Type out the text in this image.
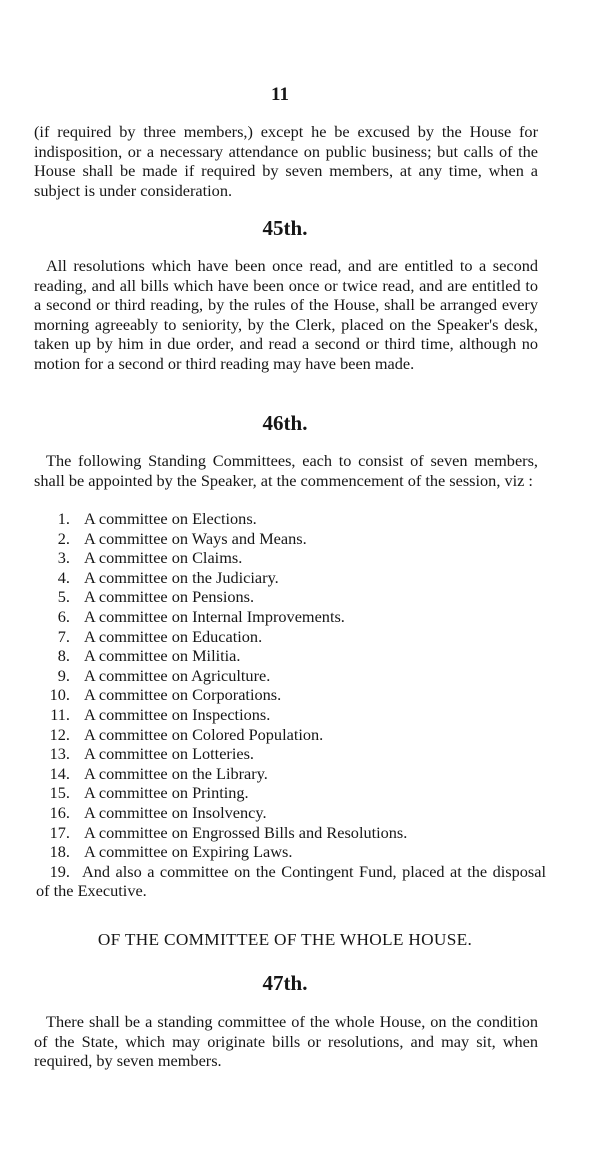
11

(if required by three members,) except he be excused by the House for indisposition, or a necessary attendance on public business; but calls of the House shall be made if required by seven members, at any time, when a subject is under consideration.

45th.

All resolutions which have been once read, and are entitled to a second reading, and all bills which have been once or twice read, and are entitled to a second or third reading, by the rules of the House, shall be arranged every morning agreeably to seniority, by the Clerk, placed on the Speaker's desk, taken up by him in due order, and read a second or third time, although no motion for a second or third reading may have been made.

46th.

The following Standing Committees, each to consist of seven members, shall be appointed by the Speaker, at the commencement of the session, viz :

1. A committee on Elections.
2. A committee on Ways and Means.
3. A committee on Claims.
4. A committee on the Judiciary.
5. A committee on Pensions.
6. A committee on Internal Improvements.
7. A committee on Education.
8. A committee on Militia.
9. A committee on Agriculture.
10. A committee on Corporations.
11. A committee on Inspections.
12. A committee on Colored Population.
13. A committee on Lotteries.
14. A committee on the Library.
15. A committee on Printing.
16. A committee on Insolvency.
17. A committee on Engrossed Bills and Resolutions.
18. A committee on Expiring Laws.
19. And also a committee on the Contingent Fund, placed at the disposal of the Executive.
OF THE COMMITTEE OF THE WHOLE HOUSE.
47th.

There shall be a standing committee of the whole House, on the condition of the State, which may originate bills or resolutions, and may sit, when required, by seven members.
